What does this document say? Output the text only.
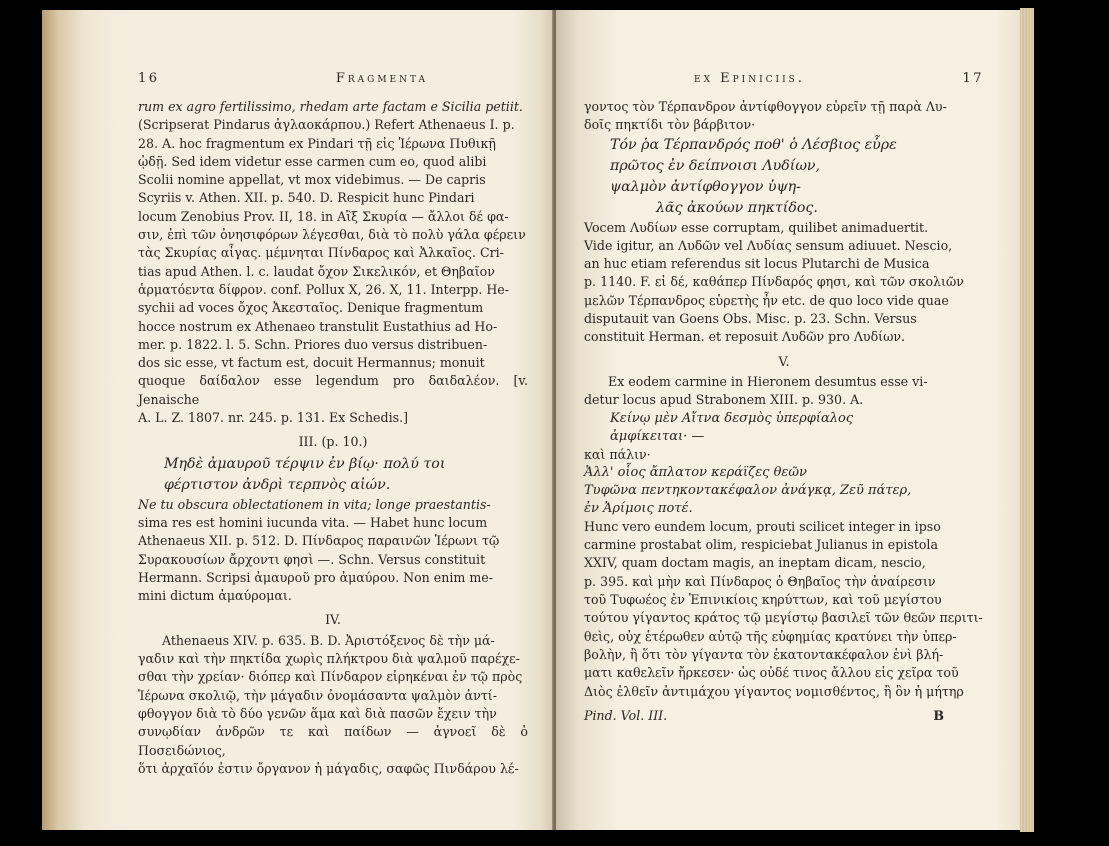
16	Fragmenta

rum ex agro fertilissimo, rhedam arte factam e Sicilia petiit.

(Scripserat Pindarus ἀγλαοκάρπου.) Refert Athenaeus I. p.

28. A. hoc fragmentum ex Pindari τῇ εἰς Ἱέρωνα Πυθικῇ

ᾠδῇ. Sed idem videtur esse carmen cum eo, quod alibi

Scolii nomine appellat, vt mox videbimus. — De capris

Scyriis v. Athen. XII. p. 540. D. Respicit hunc Pindari

locum Zenobius Prov. II, 18. in Αἲξ Σκυρία — ἄλλοι δέ φα-

σιν, ἐπὶ τῶν ὀνησιφόρων λέγεσθαι, διὰ τὸ πολὺ γάλα φέρειν

τὰς Σκυρίας αἶγας. μέμνηται Πίνδαρος καὶ Ἀλκαῖος. Cri-

tias apud Athen. l. c. laudat ὄχον Σικελικόν, et Θηβαῖον

ἁρματόεντα δίφρον. conf. Pollux X, 26. X, 11. Interpp. He-

sychii ad voces ὄχος Ἀκεσταῖος. Denique fragmentum

hocce nostrum ex Athenaeo transtulit Eustathius ad Ho-

mer. p. 1822. l. 5. Schn. Priores duo versus distribuen-

dos sic esse, vt factum est, docuit Hermannus; monuit

quoque δαίδαλον esse legendum pro δαιδαλέον. [v. Jenaische

A. L. Z. 1807. nr. 245. p. 131. Ex Schedis.]

III. (p. 10.)

Μηδὲ ἀμαυροῦ τέρψιν ἐν βίῳ· πολύ τοι

φέρτιστον ἀνδρὶ τερπνὸς αἰών.

Ne tu obscura oblectationem in vita; longe praestantis-

sima res est homini iucunda vita. — Habet hunc locum

Athenaeus XII. p. 512. D. Πίνδαρος παραινῶν Ἱέρωνι τῷ

Συρακουσίων ἄρχοντι φησὶ —. Schn. Versus constituit

Hermann. Scripsi ἀμαυροῦ pro ἀμαύρου. Non enim me-

mini dictum ἀμαύρομαι.

IV.

Athenaeus XIV. p. 635. B. D. Ἀριστόξενος δὲ τὴν μά-

γαδιν καὶ τὴν πηκτίδα χωρὶς πλήκτρου διὰ ψαλμοῦ παρέχε-

σθαι τὴν χρείαν· διόπερ καὶ Πίνδαρον εἰρηκέναι ἐν τῷ πρὸς

Ἱέρωνα σκολιῷ, τὴν μάγαδιν ὀνομάσαντα ψαλμὸν ἀντί-

φθογγον διὰ τὸ δύο γενῶν ἅμα καὶ διὰ πασῶν ἔχειν τὴν

συνῳδίαν ἀνδρῶν τε καὶ παίδων — ἀγνοεῖ δὲ ὁ Ποσειδώνιος,

ὅτι ἀρχαῖόν ἐστιν ὄργανον ἡ μάγαδις, σαφῶς Πινδάρου λέ-

ex Epiniciis.	17

γοντος τὸν Τέρπανδρον ἀντίφθογγον εὑρεῖν τῇ παρὰ Λυ-

δοῖς πηκτίδι τὸν βάρβιτον·

Τόν ῥα Τέρπανδρός ποθ' ὁ Λέσβιος εὗρε

πρῶτος ἐν δείπνοισι Λυδίων,

ψαλμὸν ἀντίφθογγον ὑψη-

λᾶς ἀκούων πηκτίδος.

Vocem Λυδίων esse corruptam, quilibet animaduertit.

Vide igitur, an Λυδῶν vel Λυδίας sensum adiuuet. Nescio,

an huc etiam referendus sit locus Plutarchi de Musica

p. 1140. F. εἰ δέ, καθάπερ Πίνδαρός φησι, καὶ τῶν σκολιῶν

μελῶν Τέρπανδρος εὑρετὴς ἦν etc. de quo loco vide quae

disputauit van Goens Obs. Misc. p. 23. Schn. Versus

constituit Herman. et reposuit Λυδῶν pro Λυδίων.

V.

Ex eodem carmine in Hieronem desumtus esse vi-

detur locus apud Strabonem XIII. p. 930. A.

Κείνῳ μὲν Αἴτνα δεσμὸς ὑπερφίαλος

ἀμφίκειται· —

καὶ πάλιν·

Ἀλλ' οἷος ἄπλατον κεράϊζες θεῶν

Τυφῶνα πεντηκοντακέφαλον ἀνάγκᾳ, Ζεῦ πάτερ,

ἐν Ἀρίμοις ποτέ.

Hunc vero eundem locum, prouti scilicet integer in ipso

carmine prostabat olim, respiciebat Julianus in epistola

XXIV, quam doctam magis, an ineptam dicam, nescio,

p. 395. καὶ μὴν καὶ Πίνδαρος ὁ Θηβαῖος τὴν ἀναίρεσιν

τοῦ Τυφωέος ἐν Ἐπινικίοις κηρύττων, καὶ τοῦ μεγίστου

τούτου γίγαντος κράτος τῷ μεγίστῳ βασιλεῖ τῶν θεῶν περιτι-

θεὶς, οὐχ ἑτέρωθεν αὐτῷ τῆς εὐφημίας κρατύνει τὴν ὑπερ-

βολὴν, ἢ ὅτι τὸν γίγαντα τὸν ἑκατοντακέφαλον ἑνὶ βλή-

ματι καθελεῖν ἤρκεσεν· ὡς οὐδέ τινος ἄλλου εἰς χεῖρα τοῦ

Διὸς ἐλθεῖν ἀντιμάχου γίγαντος νομισθέντος, ἢ ὃν ἡ μήτηρ

Pind. Vol. III.	B
